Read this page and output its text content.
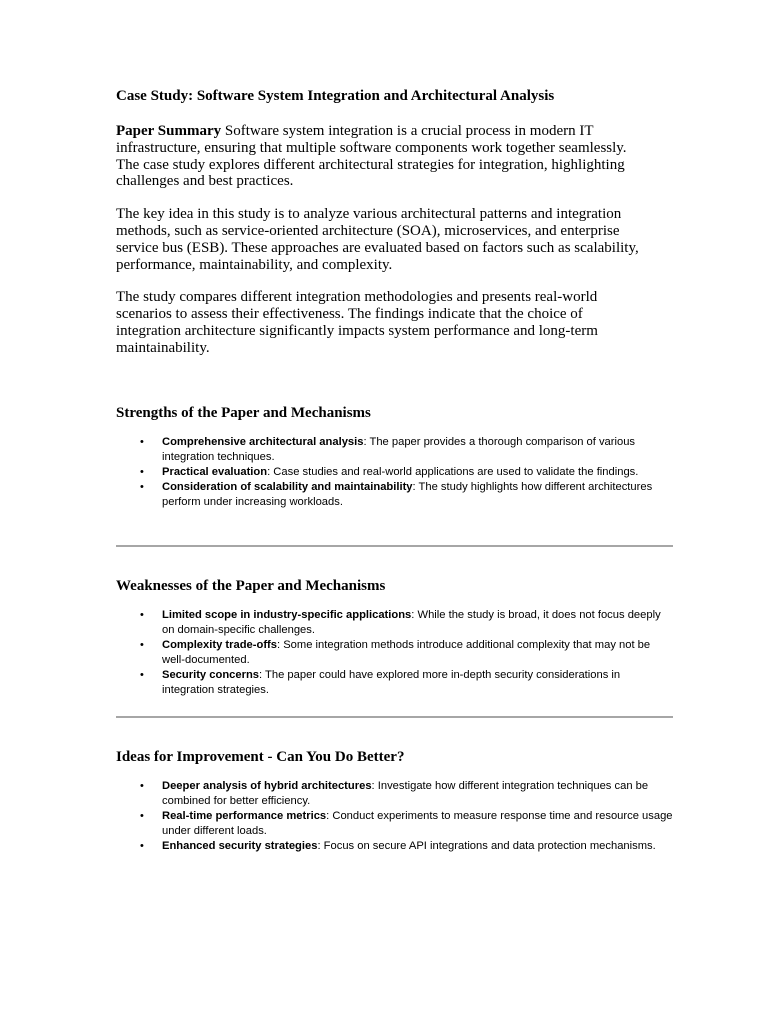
Case Study: Software System Integration and Architectural Analysis

Paper Summary Software system integration is a crucial process in modern IT infrastructure, ensuring that multiple software components work together seamlessly. The case study explores different architectural strategies for integration, highlighting challenges and best practices.

The key idea in this study is to analyze various architectural patterns and integration methods, such as service-oriented architecture (SOA), microservices, and enterprise service bus (ESB). These approaches are evaluated based on factors such as scalability, performance, maintainability, and complexity.

The study compares different integration methodologies and presents real-world scenarios to assess their effectiveness. The findings indicate that the choice of integration architecture significantly impacts system performance and long-term maintainability.

Strengths of the Paper and Mechanisms
• Comprehensive architectural analysis: The paper provides a thorough comparison of various integration techniques.
• Practical evaluation: Case studies and real-world applications are used to validate the findings.
• Consideration of scalability and maintainability: The study highlights how different architectures perform under increasing workloads.
Weaknesses of the Paper and Mechanisms
• Limited scope in industry-specific applications: While the study is broad, it does not focus deeply on domain-specific challenges.
• Complexity trade-offs: Some integration methods introduce additional complexity that may not be well-documented.
• Security concerns: The paper could have explored more in-depth security considerations in integration strategies.
Ideas for Improvement - Can You Do Better?
• Deeper analysis of hybrid architectures: Investigate how different integration techniques can be combined for better efficiency.
• Real-time performance metrics: Conduct experiments to measure response time and resource usage under different loads.
• Enhanced security strategies: Focus on secure API integrations and data protection mechanisms.
